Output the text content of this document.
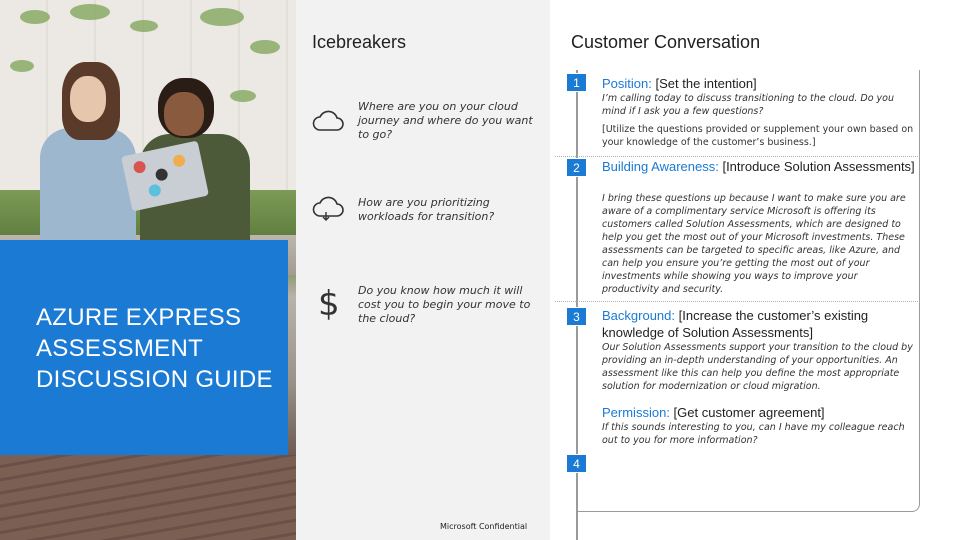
AZURE EXPRESS ASSESSMENT DISCUSSION GUIDE
Icebreakers
Where are you on your cloud journey and where do you want to go?
How are you prioritizing workloads for transition?
$ Do you know how much it will cost you to begin your move to the cloud?
Microsoft Confidential
Customer Conversation
1	Position: [Set the intention]
I’m calling today to discuss transitioning to the cloud. Do you mind if I ask you a few questions?
[Utilize the questions provided or supplement your own based on your knowledge of the customer’s business.]
2	Building Awareness: [Introduce Solution Assessments]
I bring these questions up because I want to make sure you are aware of a complimentary service Microsoft is offering its customers called Solution Assessments, which are designed to help you get the most out of your Microsoft investments. These assessments can be targeted to specific areas, like Azure, and can help you ensure you’re getting the most out of your investments while showing you ways to improve your productivity and security.
3	Background: [Increase the customer’s existing knowledge of Solution Assessments]
Our Solution Assessments support your transition to the cloud by providing an in-depth understanding of your opportunities. An assessment like this can help you define the most appropriate solution for modernization or cloud migration.
Permission: [Get customer agreement]
If this sounds interesting to you, can I have my colleague reach out to you for more information?
4
